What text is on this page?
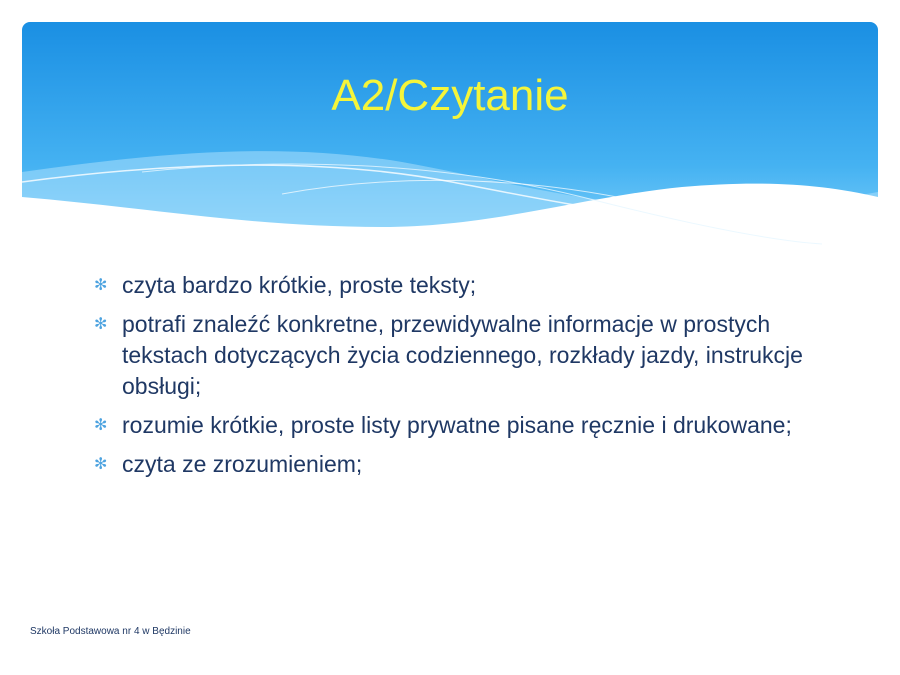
A2/Czytanie
✻ czyta bardzo krótkie, proste teksty;
✻ potrafi znaleźć konkretne, przewidywalne informacje w prostych tekstach dotyczących życia codziennego, rozkłady jazdy, instrukcje obsługi;
✻ rozumie krótkie, proste listy prywatne pisane ręcznie i drukowane;
✻ czyta ze zrozumieniem;
Szkoła Podstawowa nr 4 w Będzinie
